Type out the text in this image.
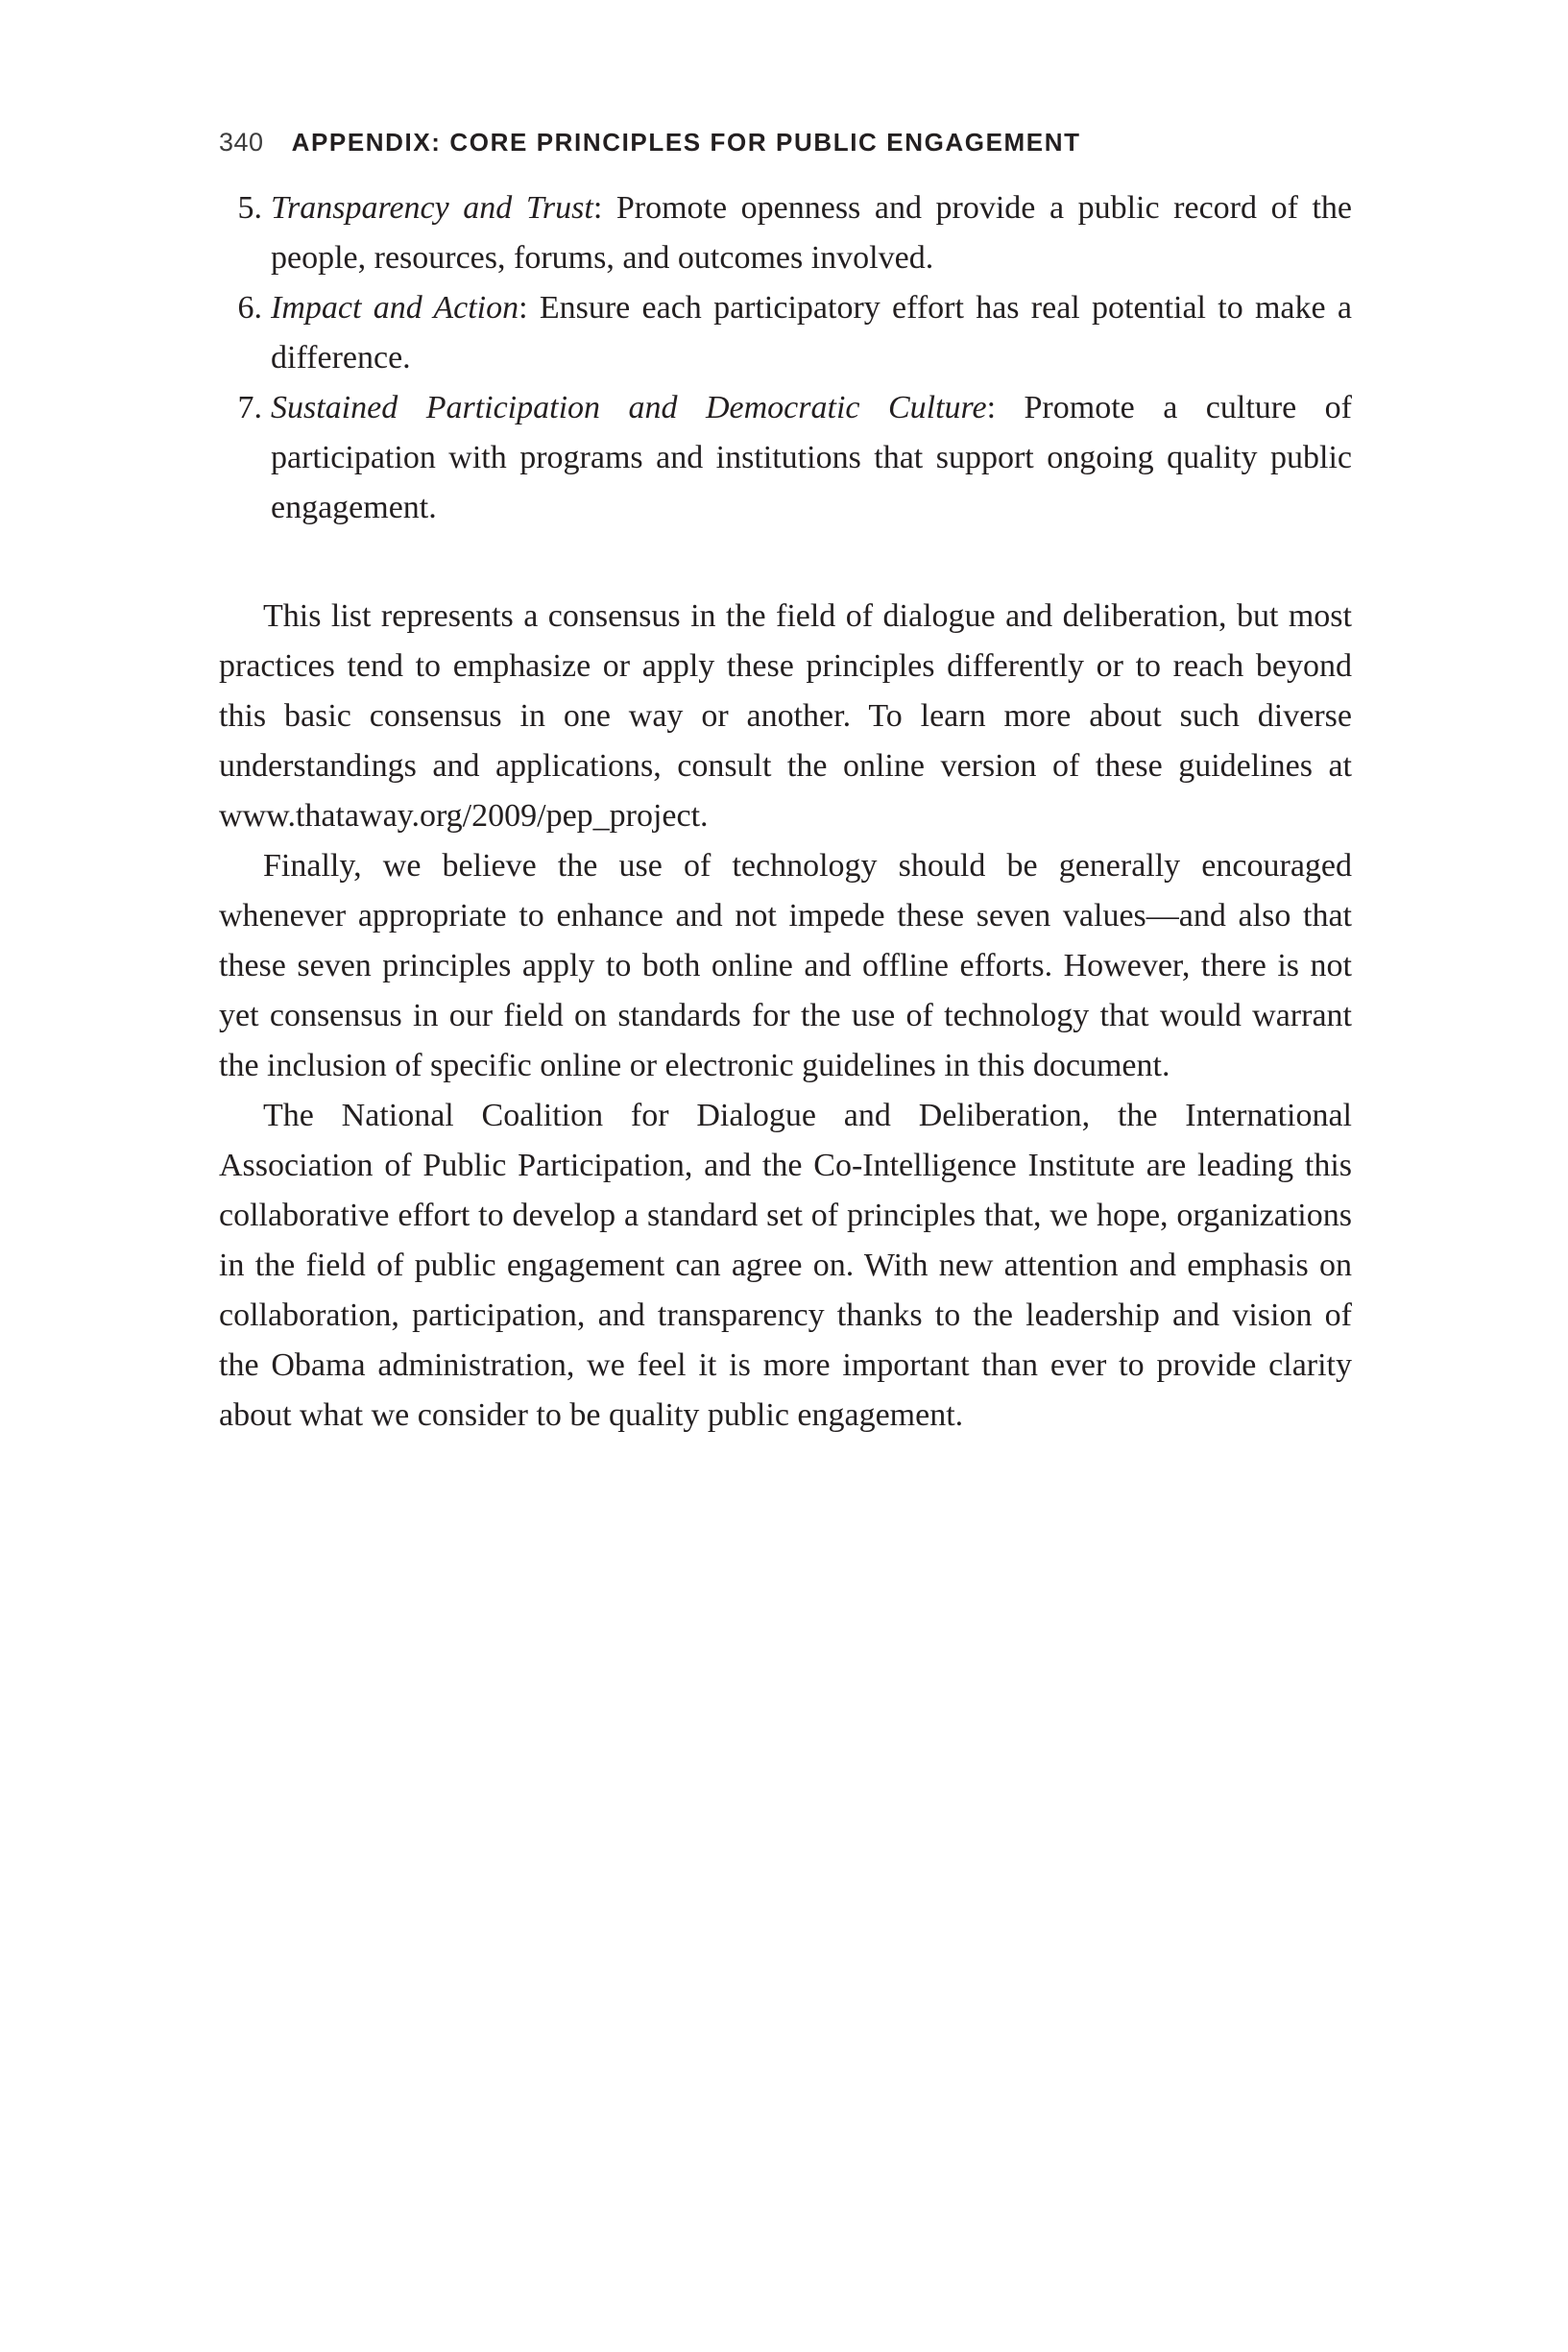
340 APPENDIX: CORE PRINCIPLES FOR PUBLIC ENGAGEMENT
5. Transparency and Trust: Promote openness and provide a public record of the people, resources, forums, and outcomes involved.
6. Impact and Action: Ensure each participatory effort has real potential to make a difference.
7. Sustained Participation and Democratic Culture: Promote a culture of participation with programs and institutions that support ongoing quality public engagement.

This list represents a consensus in the field of dialogue and deliberation, but most practices tend to emphasize or apply these principles differently or to reach beyond this basic consensus in one way or another. To learn more about such diverse understandings and applications, consult the online version of these guidelines at www.thataway.org/2009/pep_project.

Finally, we believe the use of technology should be generally encouraged whenever appropriate to enhance and not impede these seven values—and also that these seven principles apply to both online and offline efforts. However, there is not yet consensus in our field on standards for the use of technology that would warrant the inclusion of specific online or electronic guidelines in this document.

The National Coalition for Dialogue and Deliberation, the International Association of Public Participation, and the Co-Intelligence Institute are leading this collaborative effort to develop a standard set of principles that, we hope, organizations in the field of public engagement can agree on. With new attention and emphasis on collaboration, participation, and transparency thanks to the leadership and vision of the Obama administration, we feel it is more important than ever to provide clarity about what we consider to be quality public engagement.
